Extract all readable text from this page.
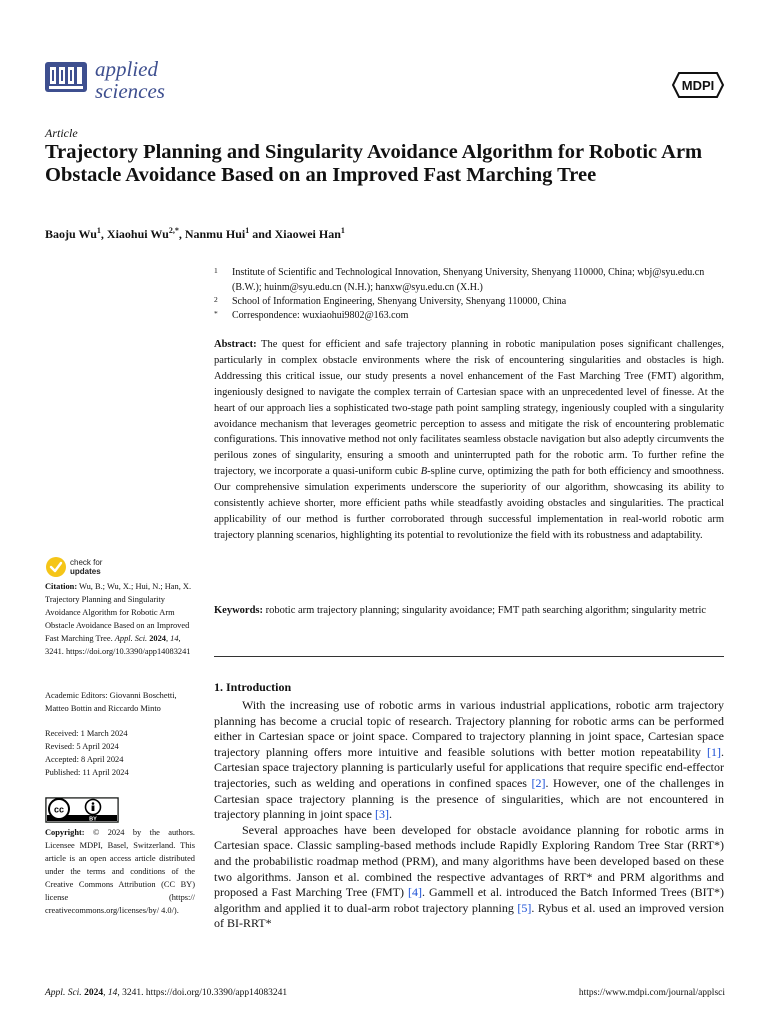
applied
sciences	MDPI
Article
Trajectory Planning and Singularity Avoidance Algorithm for Robotic Arm Obstacle Avoidance Based on an Improved Fast Marching Tree
Baoju Wu$^1$, Xiaohui $Wu^{2,*}$, Nanmu Hui$^1$ and Xiaowei Han$^1$
1	Institute of Scientific and Technological Innovation, Shenyang University, Shenyang 110000, China; wbj@syu.edu.cn (B.W.); huinm@syu.edu.cn (N.H.); hanxw@syu.edu.cn (X.H.)
2	School of Information Engineering, Shenyang University, Shenyang 110000, China
*	Correspondence: wuxiaohui9802@163.com
Abstract: The quest for efficient and safe trajectory planning in robotic manipulation poses significant challenges, particularly in complex obstacle environments where the risk of encountering singularities and obstacles is high. Addressing this critical issue, our study presents a novel enhancement of the Fast Marching Tree (FMT) algorithm, ingeniously designed to navigate the complex terrain of Cartesian space with an unprecedented level of finesse. At the heart of our approach lies a sophisticated two-stage path point sampling strategy, ingeniously coupled with a singularity avoidance mechanism that leverages geometric perception to assess and mitigate the risk of encountering problematic configurations. This innovative method not only facilitates seamless obstacle navigation but also adeptly circumvents the perilous zones of singularity, ensuring a smooth and uninterrupted path for the robotic arm. To further refine the trajectory, we incorporate a quasi-uniform cubic B-spline curve, optimizing the path for both efficiency and smoothness. Our comprehensive simulation experiments underscore the superiority of our algorithm, showcasing its ability to consistently achieve shorter, more efficient paths while steadfastly avoiding obstacles and singularities. The practical applicability of our method is further corroborated through successful implementation in real-world robotic arm trajectory planning scenarios, highlighting its potential to revolutionize the field with its robustness and adaptability.
Keywords: robotic arm trajectory planning; singularity avoidance; FMT path searching algorithm; singularity metric
1. Introduction

With the increasing use of robotic arms in various industrial applications, robotic arm trajectory planning has become a crucial topic of research. Trajectory planning for robotic arms can be performed either in Cartesian space or joint space. Compared to trajectory planning in joint space, Cartesian space trajectory planning offers more intuitive and feasible solutions with better motion repeatability [1]. Cartesian space trajectory planning is particularly useful for applications that require specific end-effector trajectories, such as welding and operations in confined spaces [2]. However, one of the challenges in Cartesian space trajectory planning is the presence of singularities, which are not encountered in trajectory planning in joint space [3].

Several approaches have been developed for obstacle avoidance planning for robotic arms in Cartesian space. Classic sampling-based methods include Rapidly Exploring Random Tree Star (RRT*) and the probabilistic roadmap method (PRM), and many algorithms have been developed based on these two algorithms. Janson et al. combined the respective advantages of RRT* and PRM algorithms and proposed a Fast Marching Tree (FMT) [4]. Gammell et al. introduced the Batch Informed Trees (BIT*) algorithm and applied it to dual-arm robot trajectory planning [5]. Rybus et al. used an improved version of BI-RRT*

check for
updates
Citation: Wu, B.; Wu, X.; Hui, N.; Han, X. Trajectory Planning and Singularity Avoidance Algorithm for Robotic Arm Obstacle Avoidance Based on an Improved Fast Marching Tree. Appl. Sci. 2024, 14, 3241. https://doi.org/10.3390/app14083241
Academic Editors: Giovanni Boschetti, Matteo Bottin and Riccardo Minto
Received: 1 March 2024
Revised: 5 April 2024
Accepted: 8 April 2024
Published: 11 April 2024
cc
BY
Copyright: © 2024 by the authors. Licensee MDPI, Basel, Switzerland. This article is an open access article distributed under the terms and conditions of the Creative Commons Attribution (CC BY) license (https:// creativecommons.org/licenses/by/ 4.0/).
Appl. Sci. 2024, 14, 3241. https://doi.org/10.3390/app14083241	https://www.mdpi.com/journal/applsci
